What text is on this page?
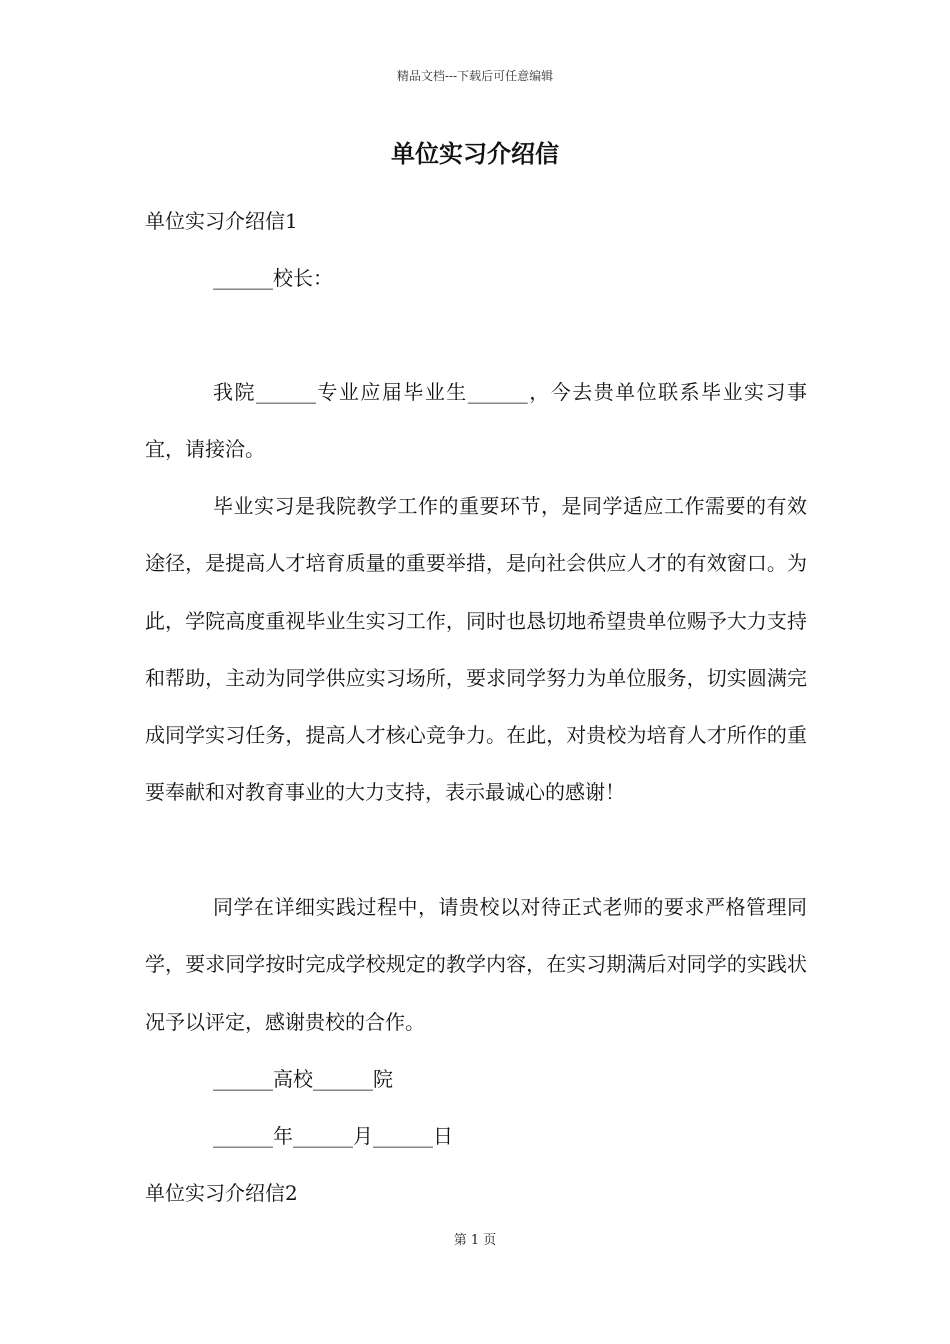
精品文档---下载后可任意编辑
单位实习介绍信
单位实习介绍信1
______校长：

我院______专业应届毕业生______，今去贵单位联系毕业实习事宜，请接洽。

毕业实习是我院教学工作的重要环节，是同学适应工作需要的有效途径，是提高人才培育质量的重要举措，是向社会供应人才的有效窗口。为此，学院高度重视毕业生实习工作，同时也恳切地希望贵单位赐予大力支持和帮助，主动为同学供应实习场所，要求同学努力为单位服务，切实圆满完成同学实习任务，提高人才核心竞争力。在此，对贵校为培育人才所作的重要奉献和对教育事业的大力支持，表示最诚心的感谢！

同学在详细实践过程中，请贵校以对待正式老师的要求严格管理同学，要求同学按时完成学校规定的教学内容，在实习期满后对同学的实践状况予以评定，感谢贵校的合作。

______高校______院
______年______月______日
单位实习介绍信2
第 1 页
